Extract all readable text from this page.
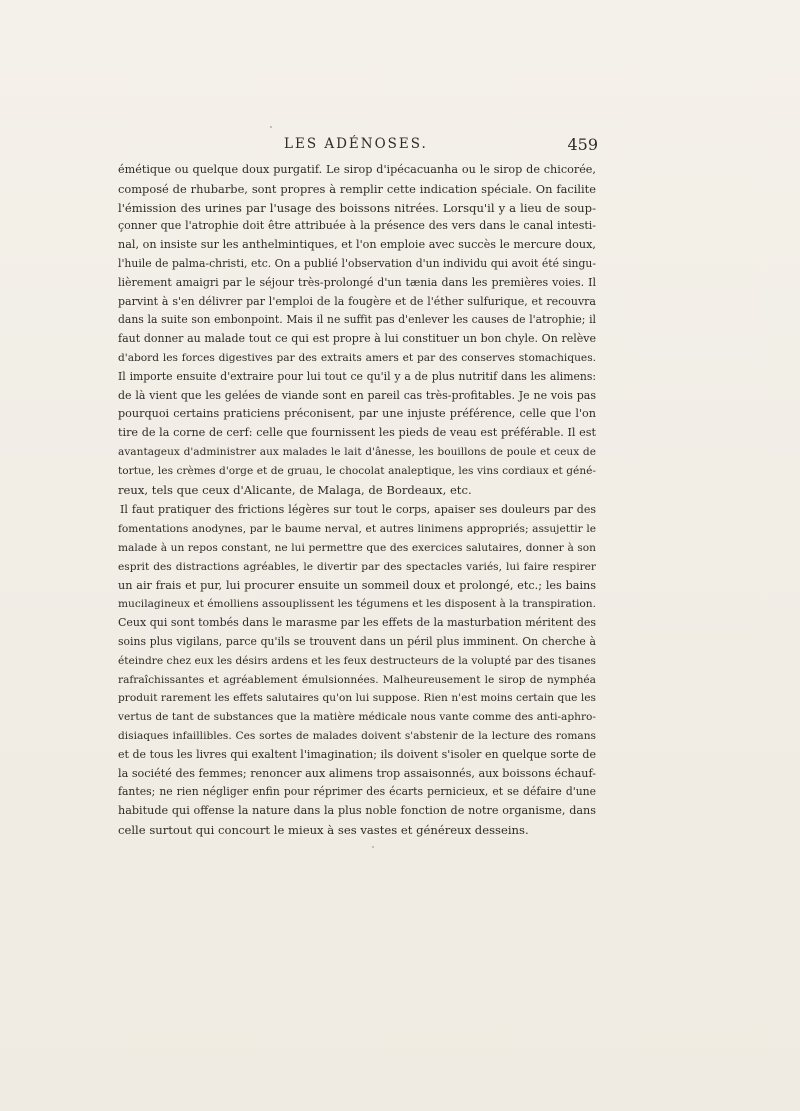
LES ADÉNOSES.	459
émétique ou quelque doux purgatif. Le sirop d'ipécacuanha ou le sirop de chicorée,
composé de rhubarbe, sont propres à remplir cette indication spéciale. On facilite
l'émission des urines par l'usage des boissons nitrées. Lorsqu'il y a lieu de soup-
çonner que l'atrophie doit être attribuée à la présence des vers dans le canal intesti-
nal, on insiste sur les anthelmintiques, et l'on emploie avec succès le mercure doux,
l'huile de palma-christi, etc. On a publié l'observation d'un individu qui avoit été singu-
lièrement amaigri par le séjour très-prolongé d'un tænia dans les premières voies. Il
parvint à s'en délivrer par l'emploi de la fougère et de l'éther sulfurique, et recouvra
dans la suite son embonpoint. Mais il ne suffit pas d'enlever les causes de l'atrophie; il
faut donner au malade tout ce qui est propre à lui constituer un bon chyle. On relève
d'abord les forces digestives par des extraits amers et par des conserves stomachiques.
Il importe ensuite d'extraire pour lui tout ce qu'il y a de plus nutritif dans les alimens:
de là vient que les gelées de viande sont en pareil cas très-profitables. Je ne vois pas
pourquoi certains praticiens préconisent, par une injuste préférence, celle que l'on
tire de la corne de cerf: celle que fournissent les pieds de veau est préférable. Il est
avantageux d'administrer aux malades le lait d'ânesse, les bouillons de poule et ceux de
tortue, les crèmes d'orge et de gruau, le chocolat analeptique, les vins cordiaux et géné-
reux, tels que ceux d'Alicante, de Malaga, de Bordeaux, etc.
Il faut pratiquer des frictions légères sur tout le corps, apaiser ses douleurs par des
fomentations anodynes, par le baume nerval, et autres linimens appropriés; assujettir le
malade à un repos constant, ne lui permettre que des exercices salutaires, donner à son
esprit des distractions agréables, le divertir par des spectacles variés, lui faire respirer
un air frais et pur, lui procurer ensuite un sommeil doux et prolongé, etc.; les bains
mucilagineux et émolliens assouplissent les tégumens et les disposent à la transpiration.
Ceux qui sont tombés dans le marasme par les effets de la masturbation méritent des
soins plus vigilans, parce qu'ils se trouvent dans un péril plus imminent. On cherche à
éteindre chez eux les désirs ardens et les feux destructeurs de la volupté par des tisanes
rafraîchissantes et agréablement émulsionnées. Malheureusement le sirop de nymphéa
produit rarement les effets salutaires qu'on lui suppose. Rien n'est moins certain que les
vertus de tant de substances que la matière médicale nous vante comme des anti-aphro-
disiaques infaillibles. Ces sortes de malades doivent s'abstenir de la lecture des romans
et de tous les livres qui exaltent l'imagination; ils doivent s'isoler en quelque sorte de
la société des femmes; renoncer aux alimens trop assaisonnés, aux boissons échauf-
fantes; ne rien négliger enfin pour réprimer des écarts pernicieux, et se défaire d'une
habitude qui offense la nature dans la plus noble fonction de notre organisme, dans
celle surtout qui concourt le mieux à ses vastes et généreux desseins.
